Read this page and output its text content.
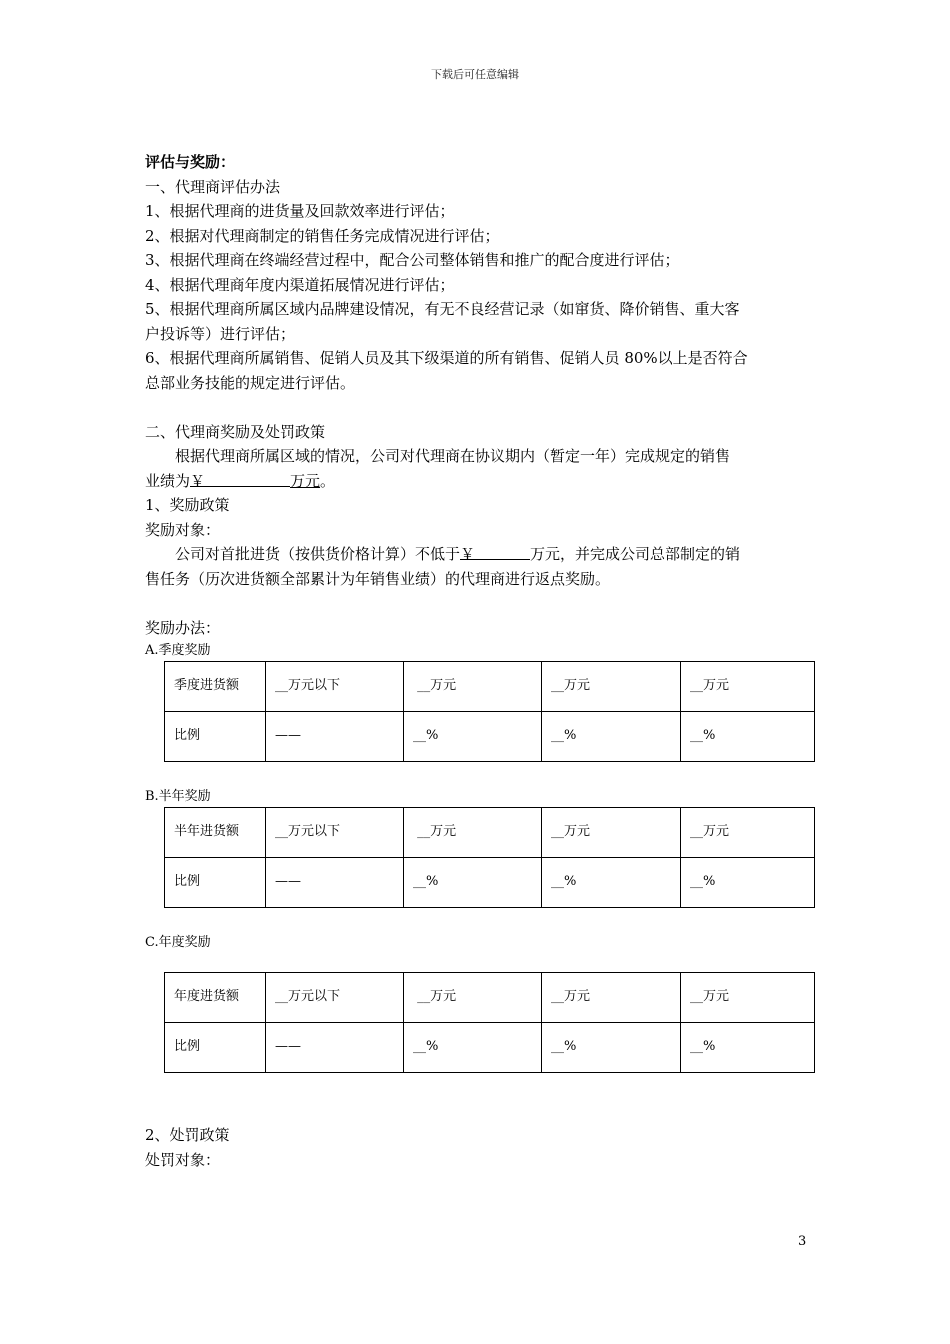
下载后可任意编辑
评估与奖励：
一、代理商评估办法
1、根据代理商的进货量及回款效率进行评估；
2、根据对代理商制定的销售任务完成情况进行评估；
3、根据代理商在终端经营过程中，配合公司整体销售和推广的配合度进行评估；
4、根据代理商年度内渠道拓展情况进行评估；
5、根据代理商所属区域内品牌建设情况，有无不良经营记录（如窜货、降价销售、重大客
户投诉等）进行评估；
6、根据代理商所属销售、促销人员及其下级渠道的所有销售、促销人员 80%以上是否符合
总部业务技能的规定进行评估。
二、代理商奖励及处罚政策
根据代理商所属区域的情况，公司对代理商在协议期内（暂定一年）完成规定的销售
业绩为￥	万元。
1、奖励政策
奖励对象：
公司对首批进货（按供货价格计算）不低于￥	万元，并完成公司总部制定的销
售任务（历次进货额全部累计为年销售业绩）的代理商进行返点奖励。
奖励办法：
A.季度奖励
季度进货额	__万元以下	__万元	__万元	__万元
比例	——	__%	__%	__%
B.半年奖励
半年进货额	__万元以下	__万元	__万元	__万元
比例	——	__%	__%	__%
C.年度奖励
年度进货额	__万元以下	__万元	__万元	__万元
比例	——	__%	__%	__%
2、处罚政策
处罚对象：
3
